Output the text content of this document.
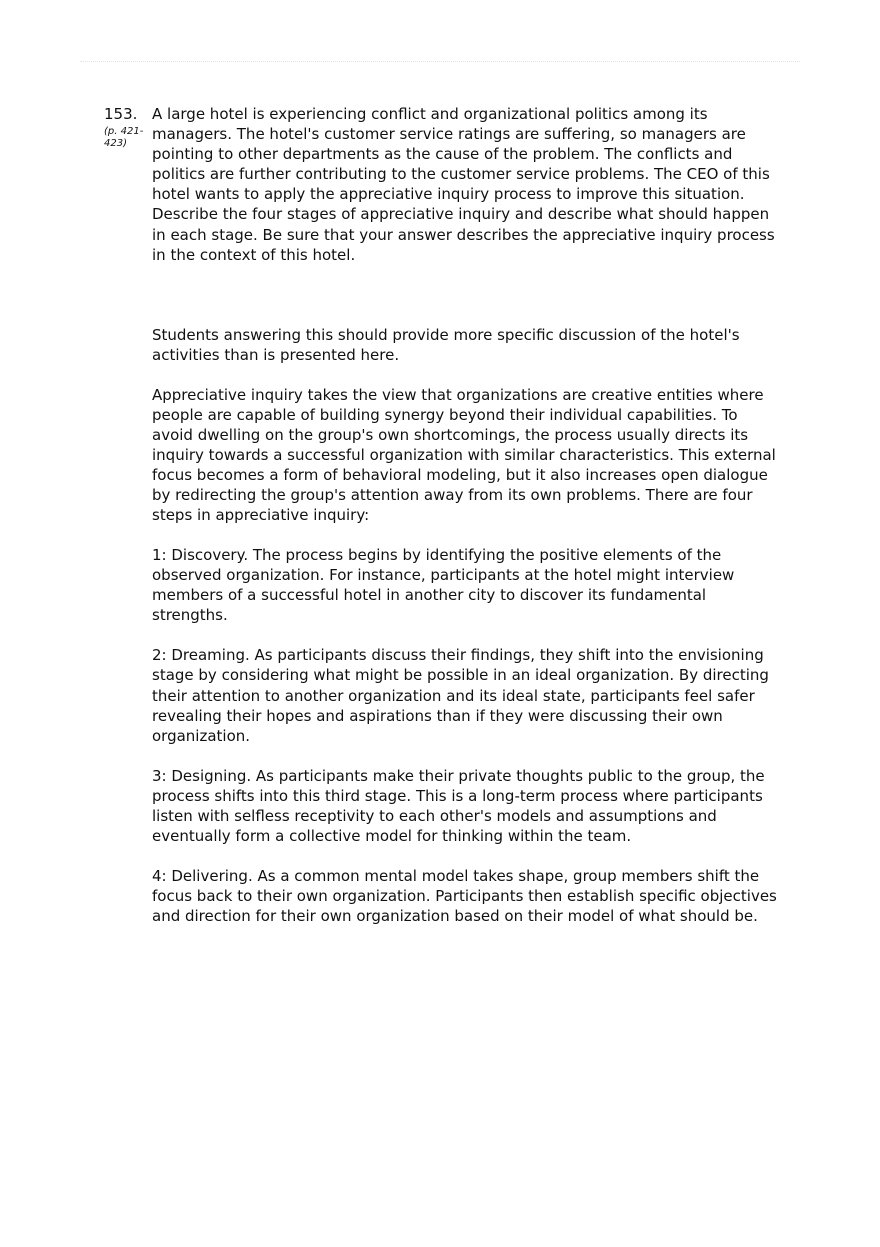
153.
(p. 421-
423)

A large hotel is experiencing conflict and organizational politics among its
managers. The hotel's customer service ratings are suffering, so managers are
pointing to other departments as the cause of the problem. The conflicts and
politics are further contributing to the customer service problems. The CEO of this
hotel wants to apply the appreciative inquiry process to improve this situation.
Describe the four stages of appreciative inquiry and describe what should happen
in each stage. Be sure that your answer describes the appreciative inquiry process
in the context of this hotel.

Students answering this should provide more specific discussion of the hotel's
activities than is presented here.

Appreciative inquiry takes the view that organizations are creative entities where
people are capable of building synergy beyond their individual capabilities. To
avoid dwelling on the group's own shortcomings, the process usually directs its
inquiry towards a successful organization with similar characteristics. This external
focus becomes a form of behavioral modeling, but it also increases open dialogue
by redirecting the group's attention away from its own problems. There are four
steps in appreciative inquiry:

1: Discovery. The process begins by identifying the positive elements of the
observed organization. For instance, participants at the hotel might interview
members of a successful hotel in another city to discover its fundamental
strengths.

2: Dreaming. As participants discuss their findings, they shift into the envisioning
stage by considering what might be possible in an ideal organization. By directing
their attention to another organization and its ideal state, participants feel safer
revealing their hopes and aspirations than if they were discussing their own
organization.

3: Designing. As participants make their private thoughts public to the group, the
process shifts into this third stage. This is a long-term process where participants
listen with selfless receptivity to each other's models and assumptions and
eventually form a collective model for thinking within the team.

4: Delivering. As a common mental model takes shape, group members shift the
focus back to their own organization. Participants then establish specific objectives
and direction for their own organization based on their model of what should be.
